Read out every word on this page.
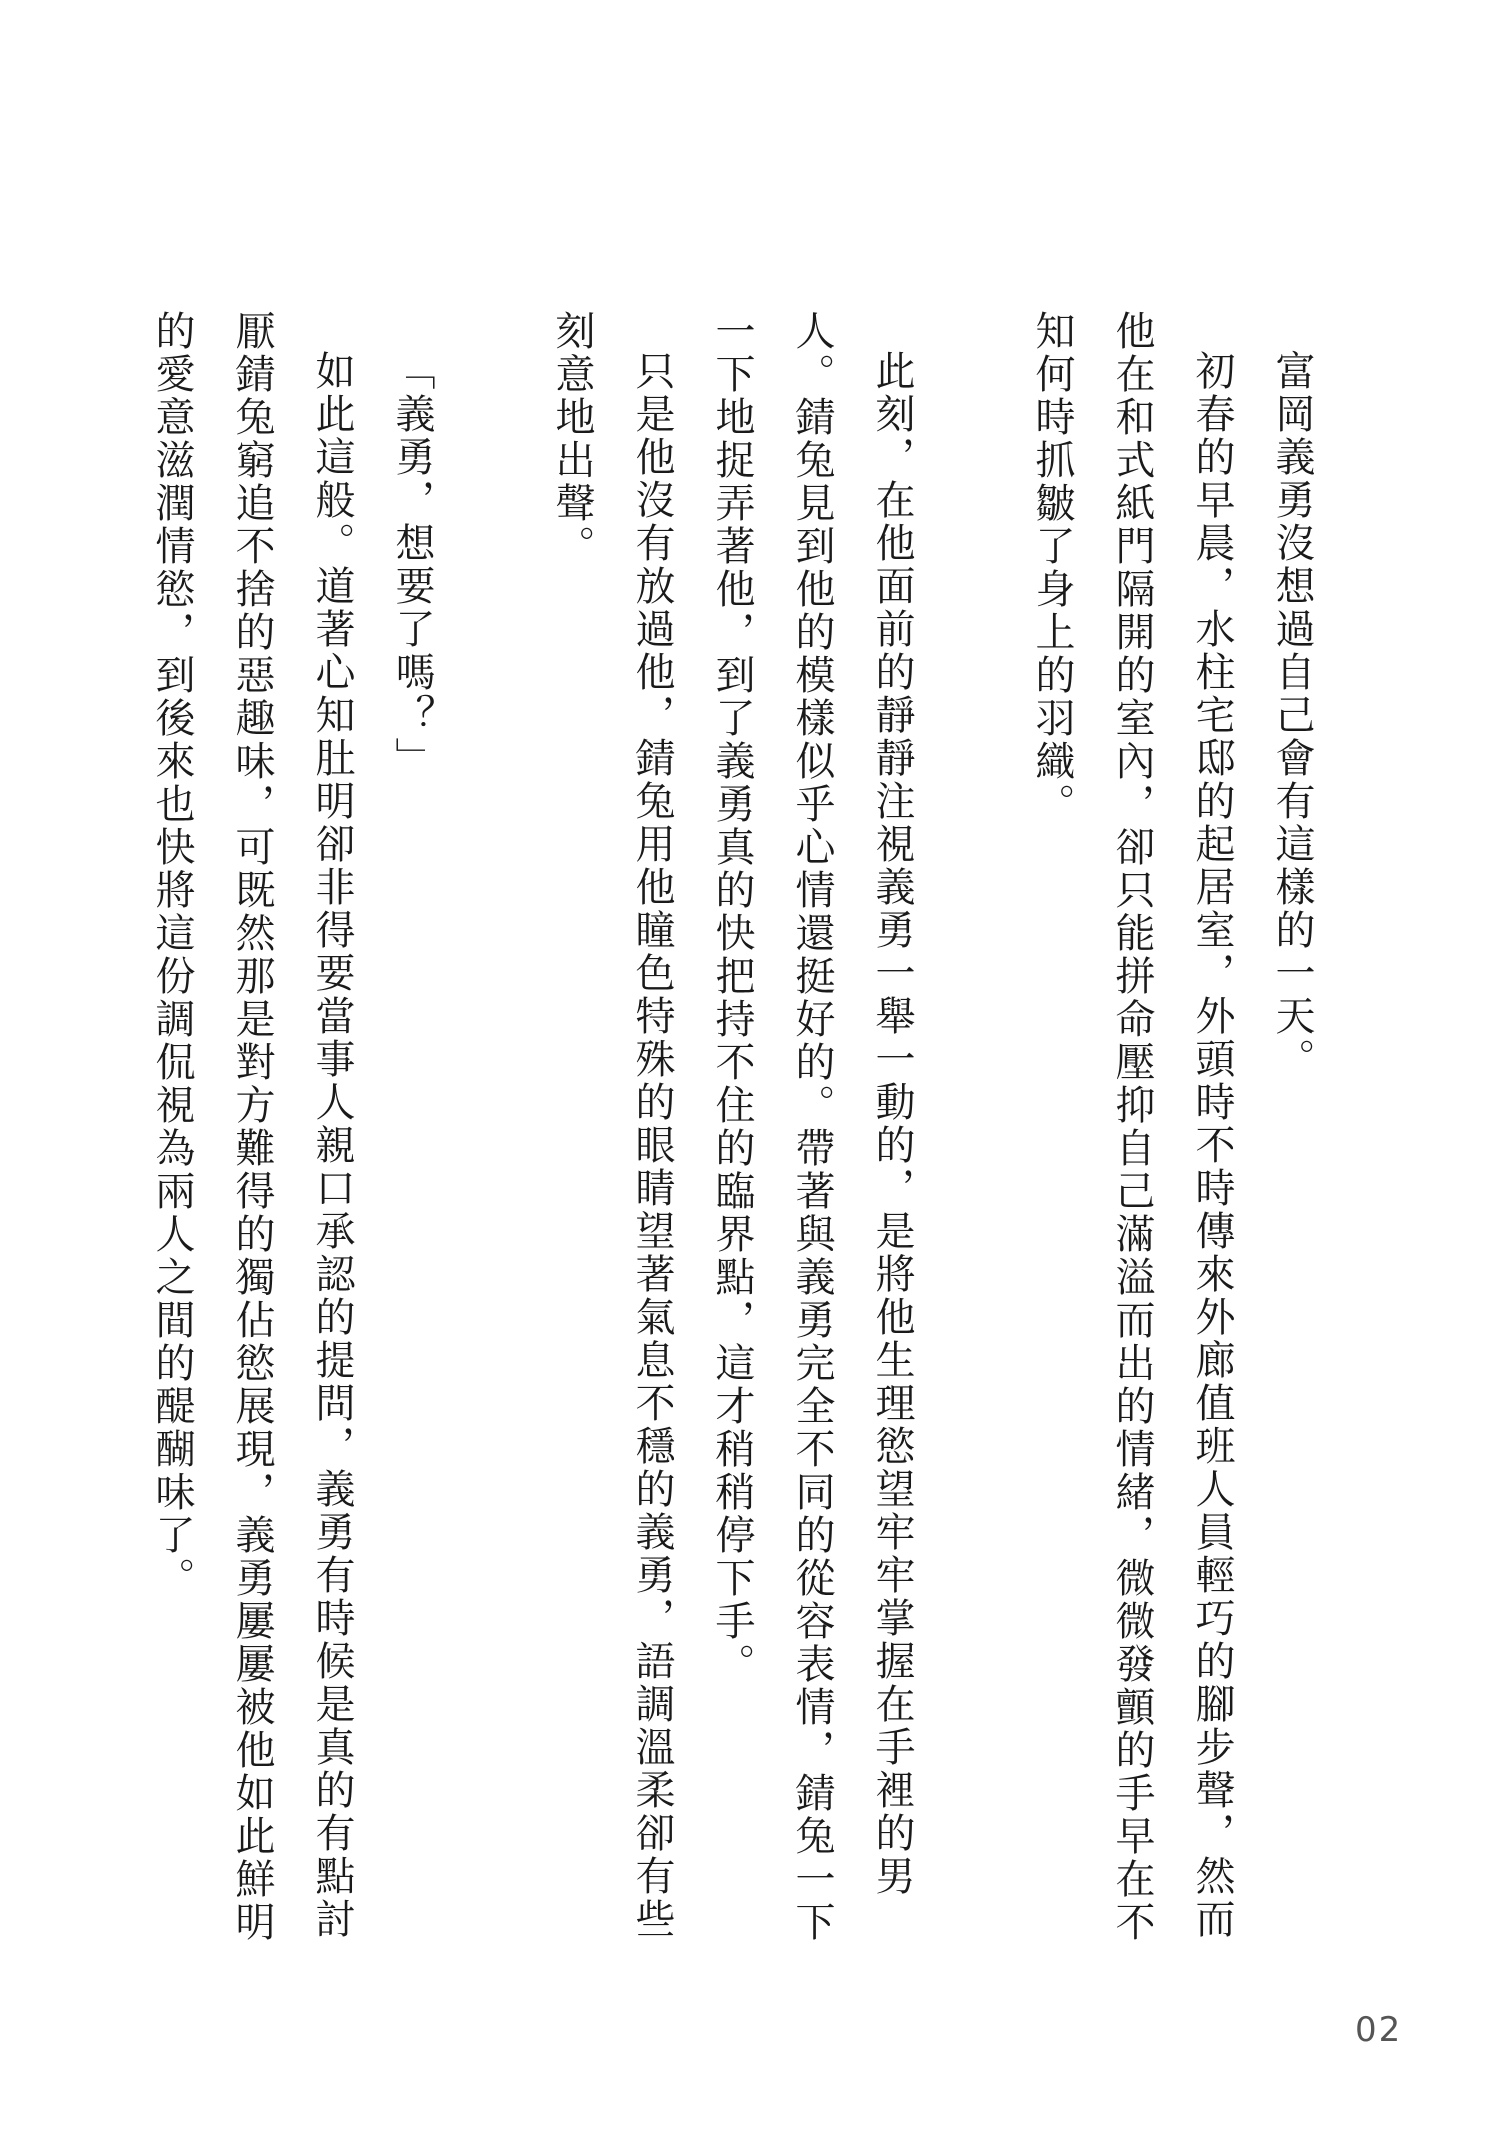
富岡義勇沒想過自己會有這樣的一天。

初春的早晨，水柱宅邸的起居室，外頭時不時傳來外廊值班人員輕巧的腳步聲，然而他在和式紙門隔開的室內，卻只能拼命壓抑自己滿溢而出的情緒，微微發顫的手早在不知何時抓皺了身上的羽織。

此刻，在他面前的靜靜注視義勇一舉一動的，是將他生理慾望牢牢掌握在手裡的男人。錆兔見到他的模樣似乎心情還挺好的。帶著與義勇完全不同的從容表情，錆兔一下一下地捉弄著他，到了義勇真的快把持不住的臨界點，這才稍稍停下手。

只是他沒有放過他，錆兔用他瞳色特殊的眼睛望著氣息不穩的義勇，語調溫柔卻有些刻意地出聲。

「義勇，想要了嗎？」

如此這般。道著心知肚明卻非得要當事人親口承認的提問，義勇有時候是真的有點討厭錆兔窮追不捨的惡趣味，可既然那是對方難得的獨佔慾展現，義勇屢屢被他如此鮮明的愛意滋潤情慾，到後來也快將這份調侃視為兩人之間的醍醐味了。

02
